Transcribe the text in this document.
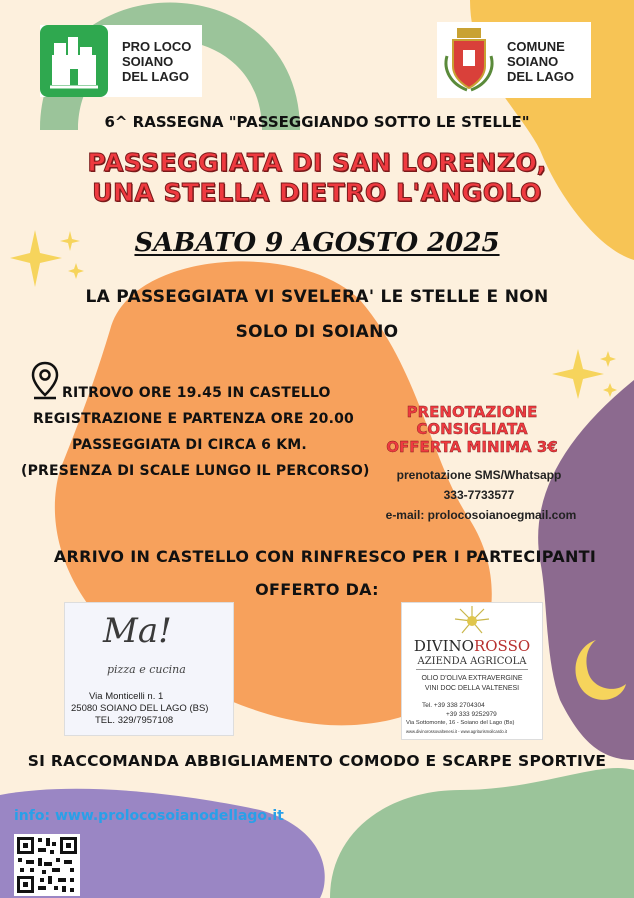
PRO LOCO
SOIANO
DEL LAGO
COMUNE
SOIANO
DEL LAGO
6^ RASSEGNA "PASSEGGIANDO SOTTO LE STELLE"
PASSEGGIATA DI SAN LORENZO,
UNA STELLA DIETRO L'ANGOLO
SABATO 9 AGOSTO 2025
LA PASSEGGIATA VI SVELERA' LE STELLE E NON
SOLO DI SOIANO
RITROVO ORE 19.45 IN CASTELLO
REGISTRAZIONE E PARTENZA ORE 20.00
PASSEGGIATA DI CIRCA 6 KM.
(PRESENZA DI SCALE LUNGO IL PERCORSO)
PRENOTAZIONE
CONSIGLIATA
OFFERTA MINIMA 3€
prenotazione SMS/Whatsapp
333-7733577
e-mail: prolocosoianoegmail.com
ARRIVO IN CASTELLO CON RINFRESCO PER I PARTECIPANTI
OFFERTO DA:
Ma!
pizza e cucina
Via Monticelli n. 1
25080 SOIANO DEL LAGO (BS)
TEL. 329/7957108
DIVINOROSSO
AZIENDA AGRICOLA
OLIO D'OLIVA EXTRAVERGINE
VINI DOC DELLA VALTENESI
Tel. +39 338 2704304
+39 333 9252979
Via Sottomonte, 16 - Soiano del Lago (Bs)
www.divinorossovaltenesi.it - www.agriturismoilcardo.it
SI RACCOMANDA ABBIGLIAMENTO COMODO E SCARPE SPORTIVE
info: www.prolocosoianodellago.it
